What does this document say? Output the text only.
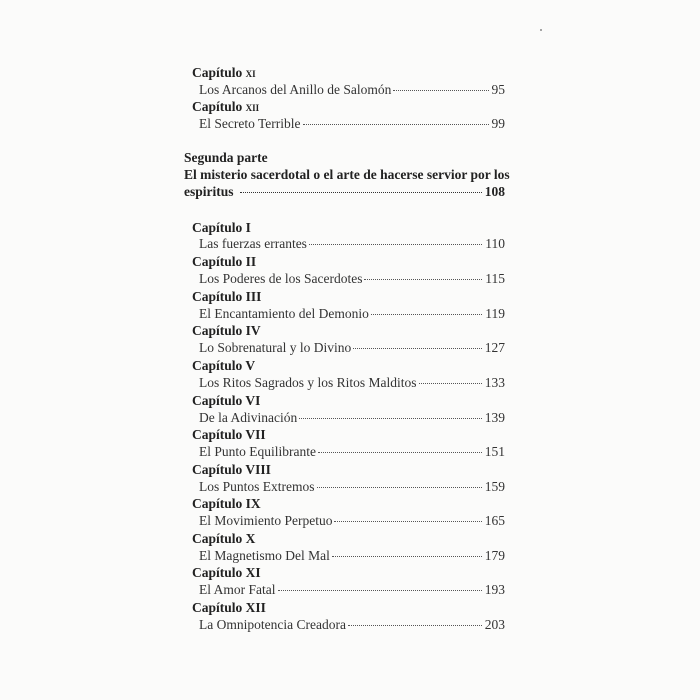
Capítulo xi
Los Arcanos del Anillo de Salomón	95
Capítulo xii
El Secreto Terrible	99
Segunda parte
El misterio sacerdotal o el arte de hacerse servior por los
espiritus	108
Capítulo I
Las fuerzas errantes	110
Capítulo II
Los Poderes de los Sacerdotes	115
Capítulo III
El Encantamiento del Demonio	119
Capítulo IV
Lo Sobrenatural y lo Divino	127
Capítulo V
Los Ritos Sagrados y los Ritos Malditos	133
Capítulo VI
De la Adivinación	139
Capítulo VII
El Punto Equilibrante	151
Capítulo VIII
Los Puntos Extremos	159
Capítulo IX
El Movimiento Perpetuo	165
Capítulo X
El Magnetismo Del Mal	179
Capítulo XI
El Amor Fatal	193
Capítulo XII
La Omnipotencia Creadora	203
